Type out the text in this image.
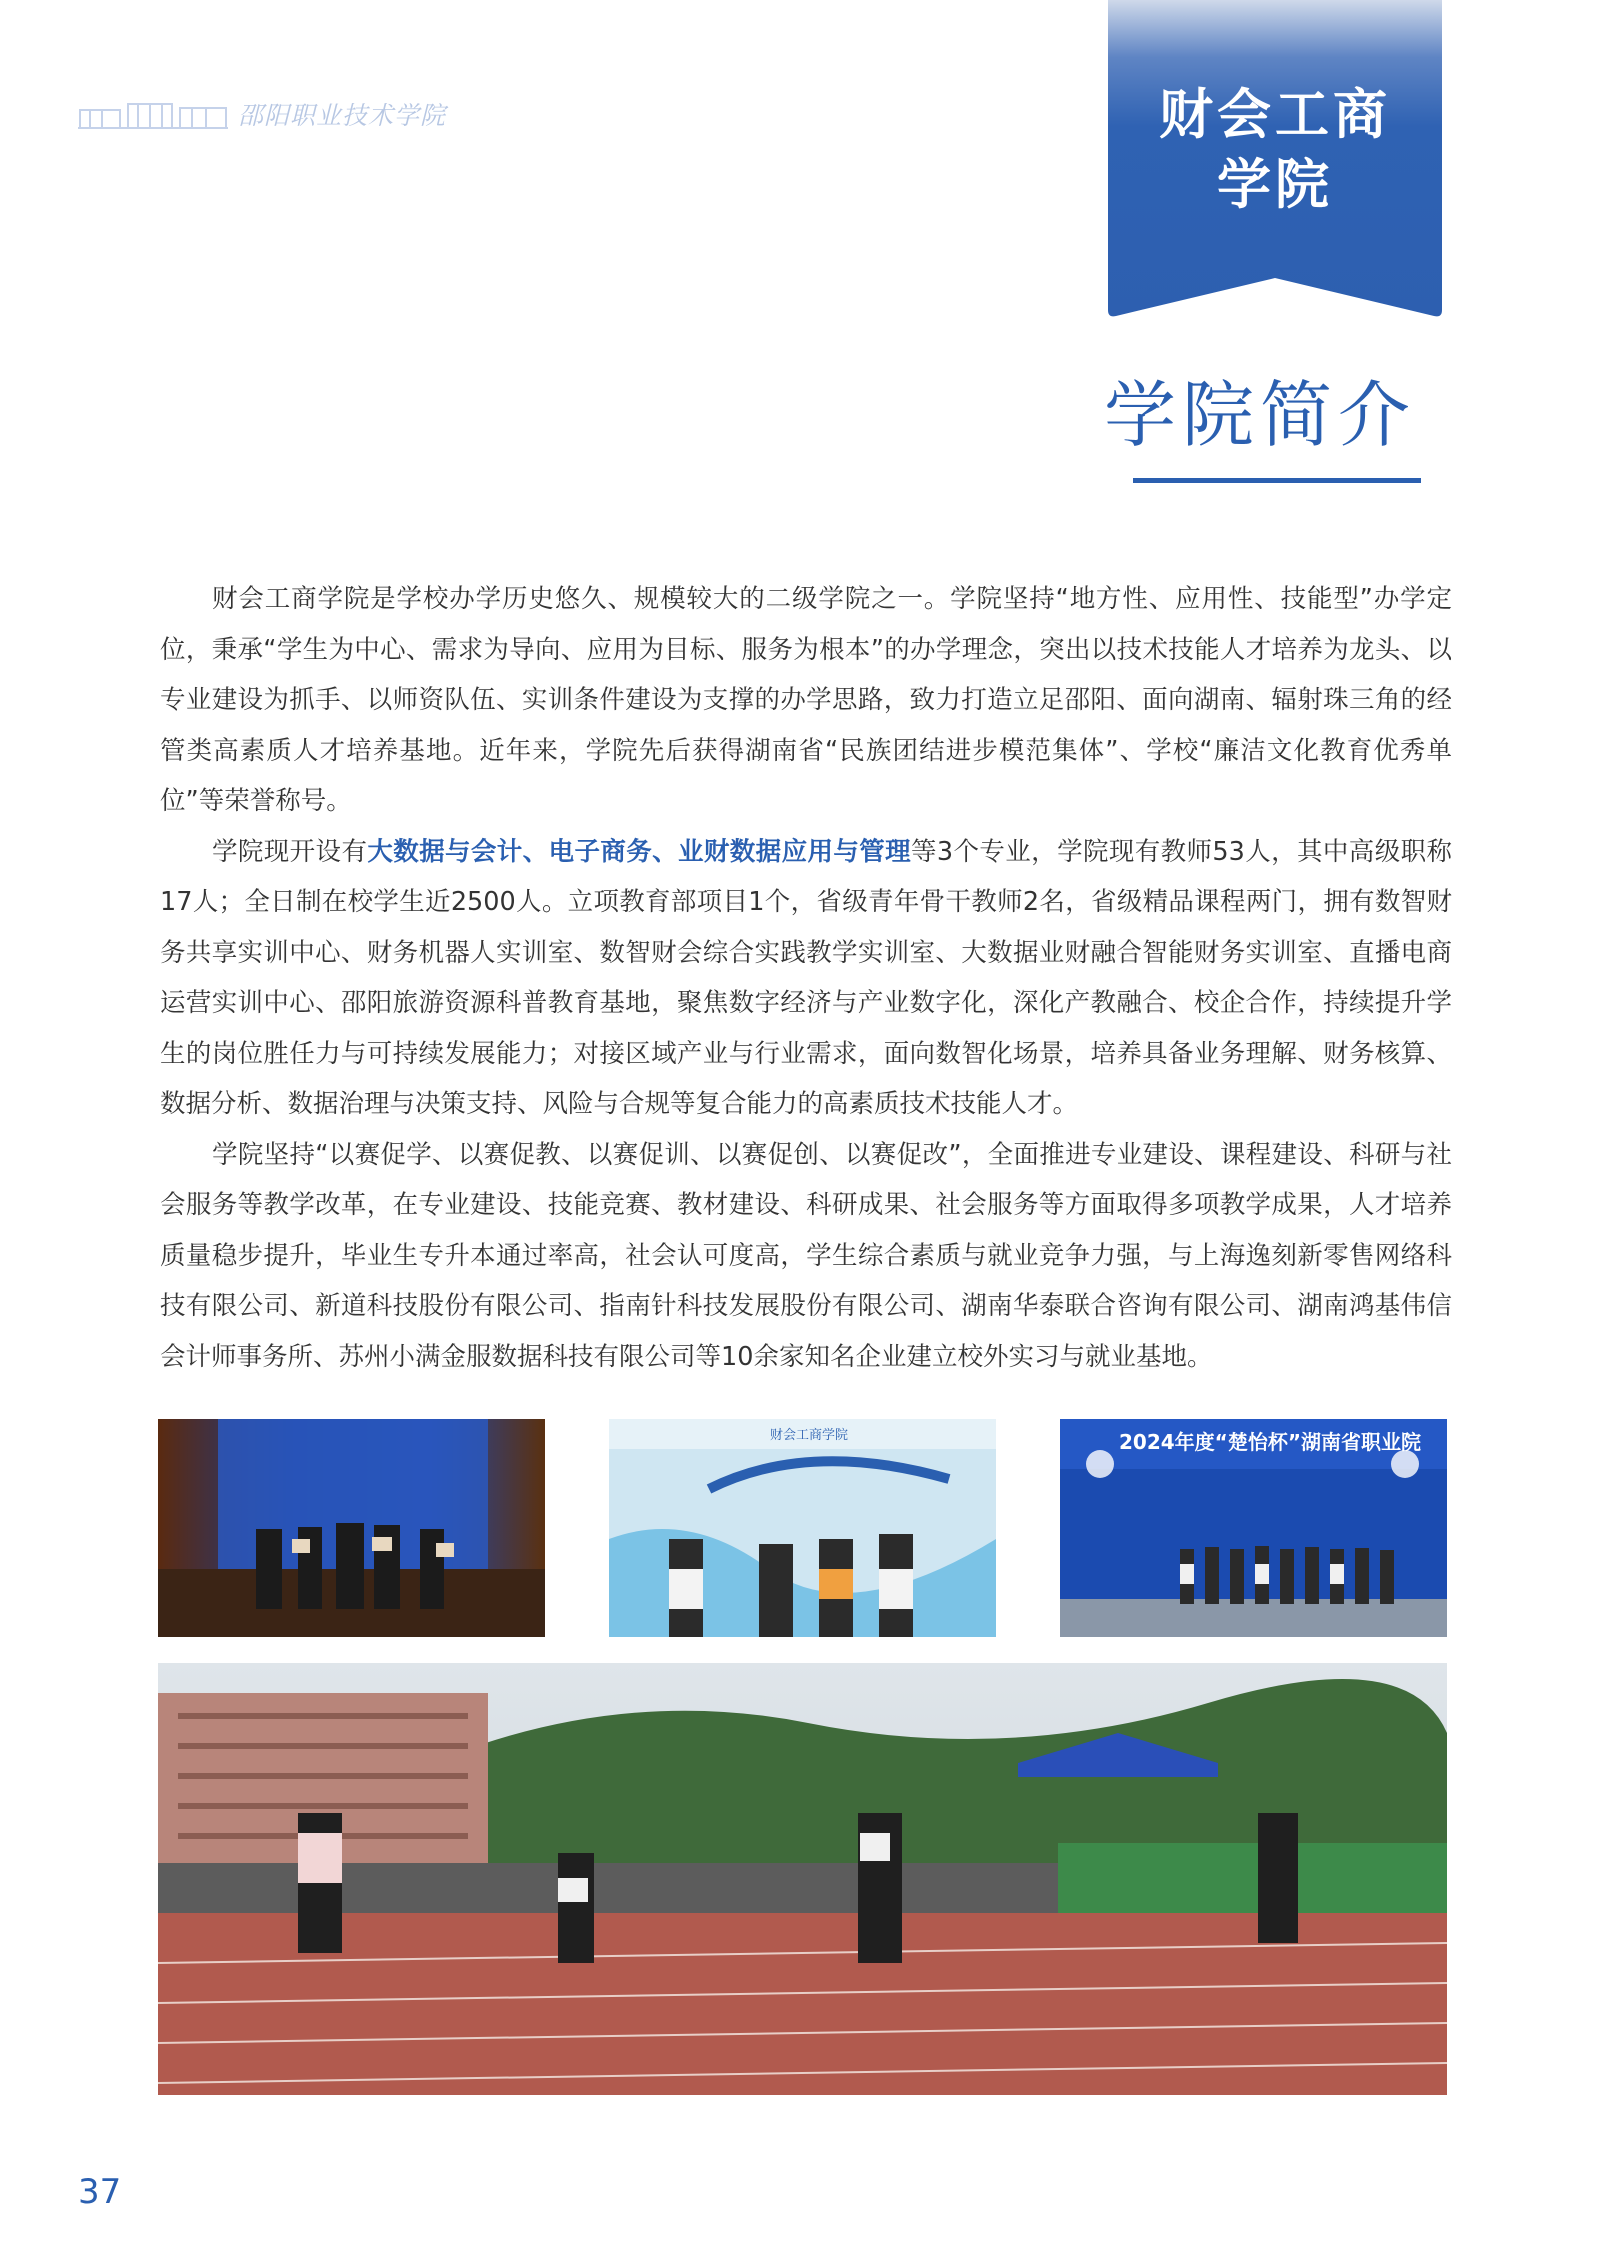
邵阳职业技术学院	财会工商
学院
学院简介

财会工商学院是学校办学历史悠久、规模较大的二级学院之一。学院坚持“地方性、应用性、技能型”办学定位，秉承“学生为中心、需求为导向、应用为目标、服务为根本”的办学理念，突出以技术技能人才培养为龙头、以专业建设为抓手、以师资队伍、实训条件建设为支撑的办学思路，致力打造立足邵阳、面向湖南、辐射珠三角的经管类高素质人才培养基地。近年来，学院先后获得湖南省“民族团结进步模范集体”、学校“廉洁文化教育优秀单位”等荣誉称号。

学院现开设有大数据与会计、电子商务、业财数据应用与管理等3个专业，学院现有教师53人，其中高级职称17人；全日制在校学生近2500人。立项教育部项目1个，省级青年骨干教师2名，省级精品课程两门，拥有数智财务共享实训中心、财务机器人实训室、数智财会综合实践教学实训室、大数据业财融合智能财务实训室、直播电商运营实训中心、邵阳旅游资源科普教育基地，聚焦数字经济与产业数字化，深化产教融合、校企合作，持续提升学生的岗位胜任力与可持续发展能力；对接区域产业与行业需求，面向数智化场景，培养具备业务理解、财务核算、数据分析、数据治理与决策支持、风险与合规等复合能力的高素质技术技能人才。

学院坚持“以赛促学、以赛促教、以赛促训、以赛促创、以赛促改”，全面推进专业建设、课程建设、科研与社会服务等教学改革，在专业建设、技能竞赛、教材建设、科研成果、社会服务等方面取得多项教学成果，人才培养质量稳步提升，毕业生专升本通过率高，社会认可度高，学生综合素质与就业竞争力强，与上海逸刻新零售网络科技有限公司、新道科技股份有限公司、指南针科技发展股份有限公司、湖南华泰联合咨询有限公司、湖南鸿基伟信会计师事务所、苏州小满金服数据科技有限公司等10余家知名企业建立校外实习与就业基地。

财会工商学院	2024年度“楚怡杯”湖南省职业院
37
